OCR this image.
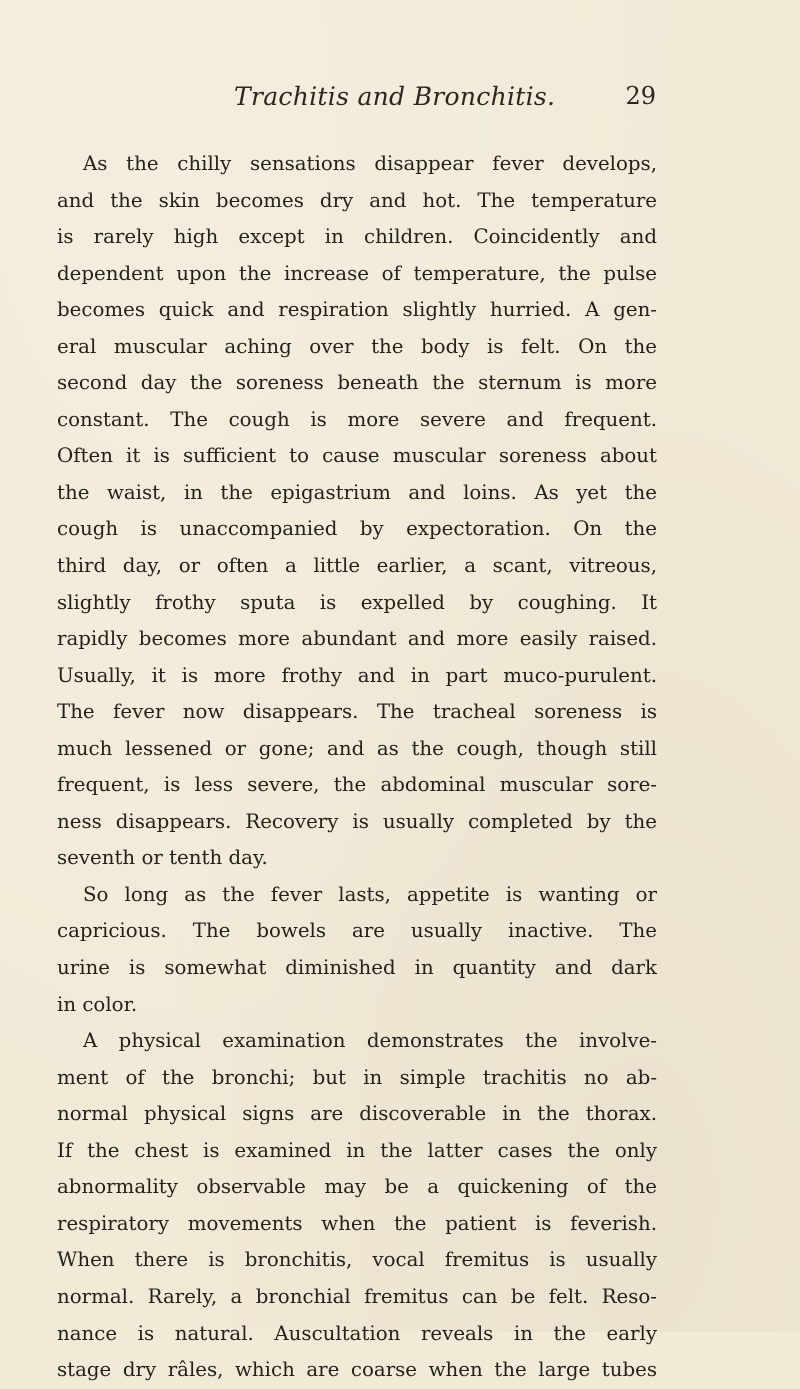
Trachitis and Bronchitis.	29
As the chilly sensations disappear fever develops,
and the skin becomes dry and hot. The temperature
is rarely high except in children. Coincidently and
dependent upon the increase of temperature, the pulse
becomes quick and respiration slightly hurried. A gen-
eral muscular aching over the body is felt. On the
second day the soreness beneath the sternum is more
constant. The cough is more severe and frequent.
Often it is sufficient to cause muscular soreness about
the waist, in the epigastrium and loins. As yet the
cough is unaccompanied by expectoration. On the
third day, or often a little earlier, a scant, vitreous,
slightly frothy sputa is expelled by coughing. It
rapidly becomes more abundant and more easily raised.
Usually, it is more frothy and in part muco-purulent.
The fever now disappears. The tracheal soreness is
much lessened or gone; and as the cough, though still
frequent, is less severe, the abdominal muscular sore-
ness disappears. Recovery is usually completed by the
seventh or tenth day.
So long as the fever lasts, appetite is wanting or
capricious. The bowels are usually inactive. The
urine is somewhat diminished in quantity and dark
in color.
A physical examination demonstrates the involve-
ment of the bronchi; but in simple trachitis no ab-
normal physical signs are discoverable in the thorax.
If the chest is examined in the latter cases the only
abnormality observable may be a quickening of the
respiratory movements when the patient is feverish.
When there is bronchitis, vocal fremitus is usually
normal. Rarely, a bronchial fremitus can be felt. Reso-
nance is natural. Auscultation reveals in the early
stage dry râles, which are coarse when the large tubes
